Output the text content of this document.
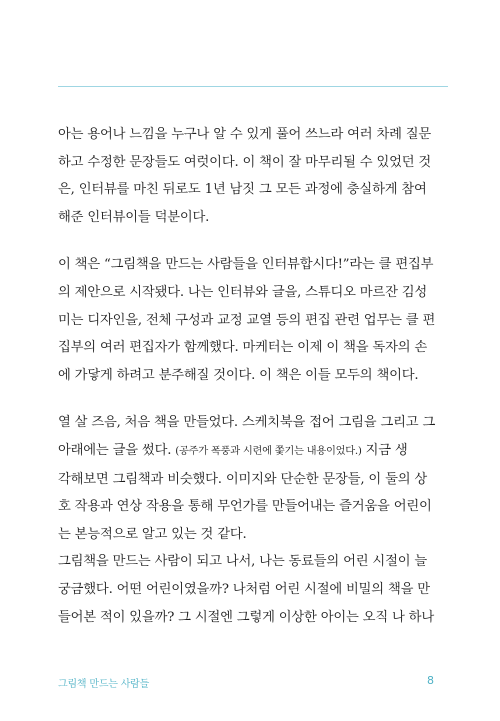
아는 용어나 느낌을 누구나 알 수 있게 풀어 쓰느라 여러 차례 질문
하고 수정한 문장들도 여럿이다. 이 책이 잘 마무리될 수 있었던 것
은, 인터뷰를 마친 뒤로도 1년 남짓 그 모든 과정에 충실하게 참여
해준 인터뷰이들 덕분이다.
이 책은 “그림책을 만드는 사람들을 인터뷰합시다!”라는 클 편집부
의 제안으로 시작됐다. 나는 인터뷰와 글을, 스튜디오 마르잔 김성
미는 디자인을, 전체 구성과 교정 교열 등의 편집 관련 업무는 클 편
집부의 여러 편집자가 함께했다. 마케터는 이제 이 책을 독자의 손
에 가닿게 하려고 분주해질 것이다. 이 책은 이들 모두의 책이다.
열 살 즈음, 처음 책을 만들었다. 스케치북을 접어 그림을 그리고 그
아래에는 글을 썼다. (공주가 폭풍과 시련에 쫓기는 내용이었다.) 지금 생
각해보면 그림책과 비슷했다. 이미지와 단순한 문장들, 이 둘의 상
호 작용과 연상 작용을 통해 무언가를 만들어내는 즐거움을 어린이
는 본능적으로 알고 있는 것 같다.
그림책을 만드는 사람이 되고 나서, 나는 동료들의 어린 시절이 늘
궁금했다. 어떤 어린이였을까? 나처럼 어린 시절에 비밀의 책을 만
들어본 적이 있을까? 그 시절엔 그렇게 이상한 아이는 오직 나 하나
그림책 만드는 사람들	8
